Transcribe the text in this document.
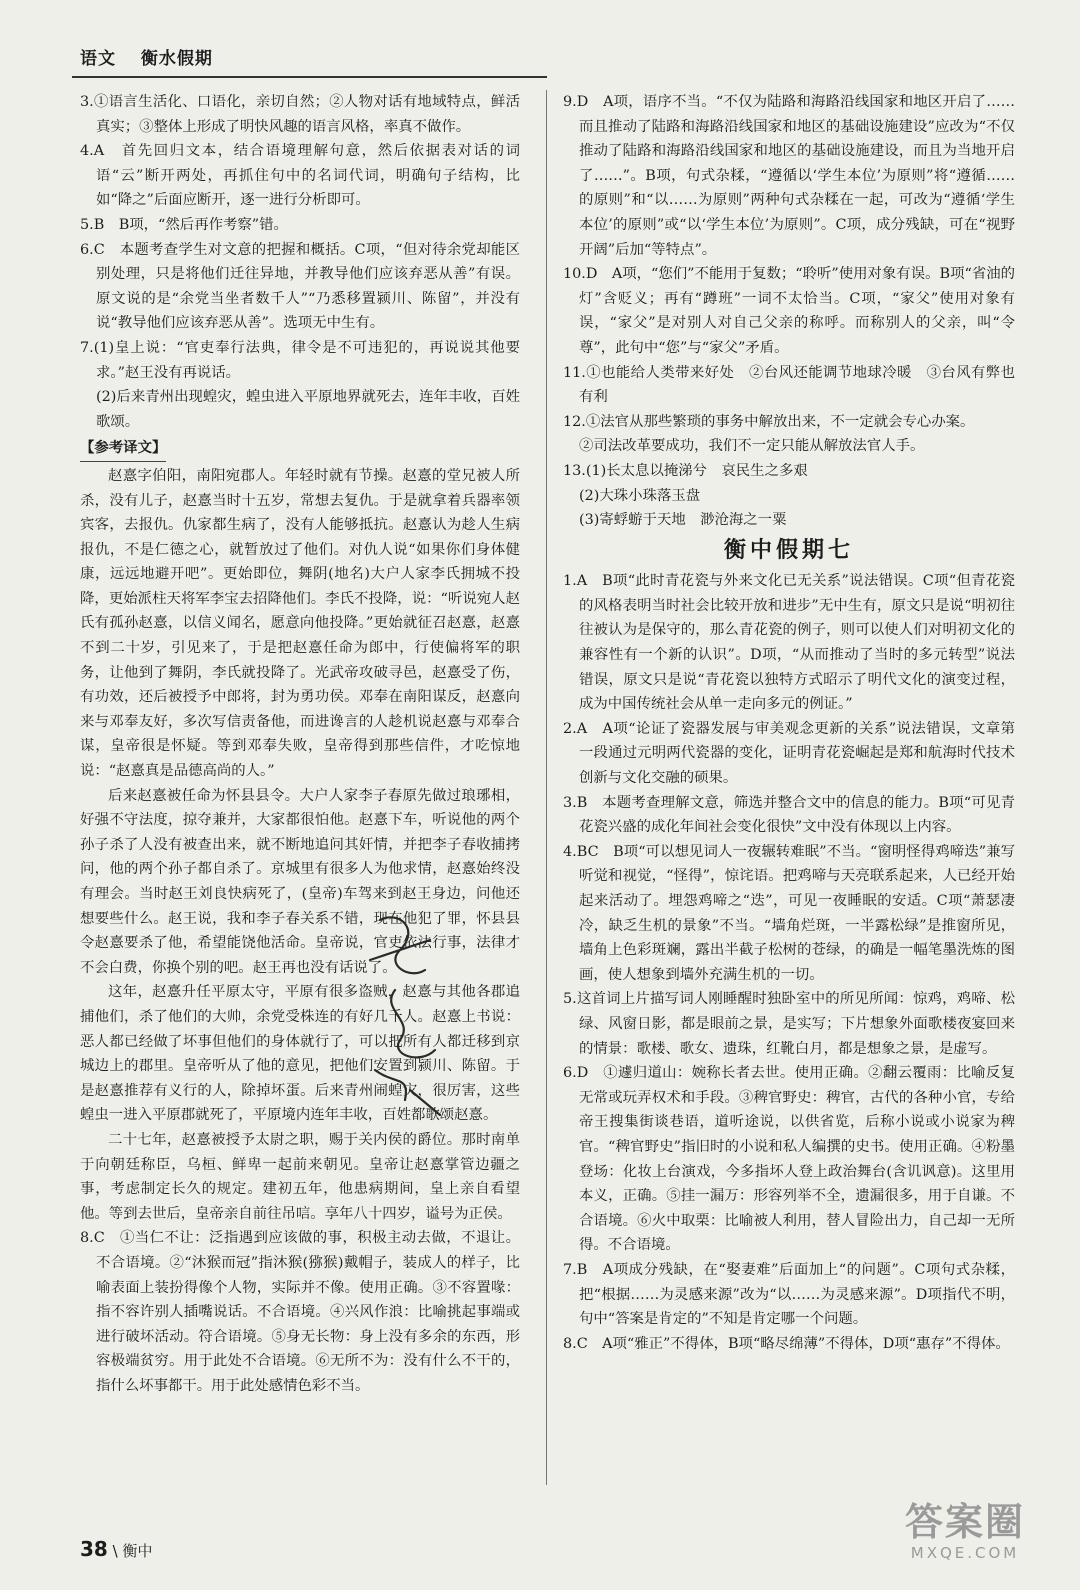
语文 衡水假期

3.①语言生活化、口语化，亲切自然；②人物对话有地域特点，鲜活真实；③整体上形成了明快风趣的语言风格，率真不做作。

4.A　首先回归文本，结合语境理解句意，然后依据表对话的词语“云”断开两处，再抓住句中的名词代词，明确句子结构，比如“降之”后面应断开，逐一进行分析即可。

5.B　B项，“然后再作考察”错。

6.C　本题考查学生对文意的把握和概括。C项，“但对待余党却能区别处理，只是将他们迁往异地，并教导他们应该弃恶从善”有误。原文说的是“余党当坐者数千人”“乃悉移置颍川、陈留”，并没有说“教导他们应该弃恶从善”。选项无中生有。

7.(1)皇上说：“官吏奉行法典，律令是不可违犯的，再说说其他要求。”赵王没有再说话。

(2)后来青州出现蝗灾，蝗虫进入平原地界就死去，连年丰收，百姓歌颂。

【参考译文】

赵憙字伯阳，南阳宛郡人。年轻时就有节操。赵憙的堂兄被人所杀，没有儿子，赵憙当时十五岁，常想去复仇。于是就拿着兵器率领宾客，去报仇。仇家都生病了，没有人能够抵抗。赵憙认为趁人生病报仇，不是仁德之心，就暂放过了他们。对仇人说“如果你们身体健康，远远地避开吧”。更始即位，舞阴(地名)大户人家李氏拥城不投降，更始派柱天将军李宝去招降他们。李氏不投降，说：“听说宛人赵氏有孤孙赵憙，以信义闻名，愿意向他投降。”更始就征召赵憙，赵憙不到二十岁，引见来了，于是把赵憙任命为郎中，行使偏将军的职务，让他到了舞阴，李氏就投降了。光武帝攻破寻邑，赵憙受了伤，有功效，还后被授予中郎将，封为勇功侯。邓奉在南阳谋反，赵憙向来与邓奉友好，多次写信责备他，而进谗言的人趁机说赵憙与邓奉合谋，皇帝很是怀疑。等到邓奉失败，皇帝得到那些信件，才吃惊地说：“赵憙真是品德高尚的人。”

后来赵憙被任命为怀县县令。大户人家李子春原先做过琅琊相，好强不守法度，掠夺兼并，大家都很怕他。赵憙下车，听说他的两个孙子杀了人没有被查出来，就不断地追问其奸情，并把李子春收捕拷问，他的两个孙子都自杀了。京城里有很多人为他求情，赵憙始终没有理会。当时赵王刘良快病死了，(皇帝)车驾来到赵王身边，问他还想要些什么。赵王说，我和李子春关系不错，现在他犯了罪，怀县县令赵憙要杀了他，希望能饶他活命。皇帝说，官吏依法行事，法律才不会白费，你换个别的吧。赵王再也没有话说了。

这年，赵憙升任平原太守，平原有很多盗贼，赵憙与其他各郡追捕他们，杀了他们的大帅，余党受株连的有好几千人。赵憙上书说：恶人都已经做了坏事但他们的身体就行了，可以把所有人都迁移到京城边上的郡里。皇帝听从了他的意见，把他们安置到颍川、陈留。于是赵憙推荐有义行的人，除掉坏蛋。后来青州闹蝗灾，很厉害，这些蝗虫一进入平原郡就死了，平原境内连年丰收，百姓都歌颂赵憙。

二十七年，赵憙被授予太尉之职，赐于关内侯的爵位。那时南单于向朝廷称臣，乌桓、鲜卑一起前来朝见。皇帝让赵憙掌管边疆之事，考虑制定长久的规定。建初五年，他患病期间，皇上亲自看望他。等到去世后，皇帝亲自前往吊唁。享年八十四岁，谥号为正侯。

8.C　①当仁不让：泛指遇到应该做的事，积极主动去做，不退让。不合语境。②“沐猴而冠”指沐猴(猕猴)戴帽子，装成人的样子，比喻表面上装扮得像个人物，实际并不像。使用正确。③不容置喙：指不容许别人插嘴说话。不合语境。④兴风作浪：比喻挑起事端或进行破坏活动。符合语境。⑤身无长物：身上没有多余的东西，形容极端贫穷。用于此处不合语境。⑥无所不为：没有什么不干的，指什么坏事都干。用于此处感情色彩不当。

9.D　A项，语序不当。“不仅为陆路和海路沿线国家和地区开启了……而且推动了陆路和海路沿线国家和地区的基础设施建设”应改为“不仅推动了陆路和海路沿线国家和地区的基础设施建设，而且为当地开启了……”。B项，句式杂糅，“遵循以‘学生本位’为原则”将“遵循……的原则”和“以……为原则”两种句式杂糅在一起，可改为“遵循‘学生本位’的原则”或“以‘学生本位’为原则”。C项，成分残缺，可在“视野开阔”后加“等特点”。

10.D　A项，“您们”不能用于复数；“聆听”使用对象有误。B项“省油的灯”含贬义；再有“蹲班”一词不太恰当。C项，“家父”使用对象有误，“家父”是对别人对自己父亲的称呼。而称别人的父亲，叫“令尊”，此句中“您”与“家父”矛盾。

11.①也能给人类带来好处　②台风还能调节地球冷暖　③台风有弊也有利

12.①法官从那些繁琐的事务中解放出来，不一定就会专心办案。

②司法改革要成功，我们不一定只能从解放法官人手。

13.(1)长太息以掩涕兮　哀民生之多艰

(2)大珠小珠落玉盘

(3)寄蜉蝣于天地　渺沧海之一粟

衡中假期七

1.A　B项“此时青花瓷与外来文化已无关系”说法错误。C项“但青花瓷的风格表明当时社会比较开放和进步”无中生有，原文只是说“明初往往被认为是保守的，那么青花瓷的例子，则可以使人们对明初文化的兼容性有一个新的认识”。D项，“从而推动了当时的多元转型”说法错误，原文只是说“青花瓷以独特方式昭示了明代文化的演变过程，成为中国传统社会从单一走向多元的例证。”

2.A　A项“论证了瓷器发展与审美观念更新的关系”说法错误，文章第一段通过元明两代瓷器的变化，证明青花瓷崛起是郑和航海时代技术创新与文化交融的硕果。

3.B　本题考查理解文意，筛选并整合文中的信息的能力。B项“可见青花瓷兴盛的成化年间社会变化很快”文中没有体现以上内容。

4.BC　B项“可以想见词人一夜辗转难眠”不当。“窗明怪得鸡啼迭”兼写听觉和视觉，“怪得”，惊诧语。把鸡啼与天亮联系起来，人已经开始起来活动了。埋怨鸡啼之“迭”，可见一夜睡眠的安适。C项“萧瑟凄冷，缺乏生机的景象”不当。“墙角烂斑，一半露松绿”是推窗所见，墙角上色彩斑斓，露出半截子松树的苍绿，的确是一幅笔墨洗炼的图画，使人想象到墙外充满生机的一切。

5.这首词上片描写词人刚睡醒时独卧室中的所见所闻：惊鸡，鸡啼、松绿、风窗日影，都是眼前之景，是实写；下片想象外面歌楼夜宴回来的情景：歌楼、歌女、遗珠，红靴白月，都是想象之景，是虚写。

6.D　①遽归道山：婉称长者去世。使用正确。②翻云覆雨：比喻反复无常或玩弄权术和手段。③稗官野史：稗官，古代的各种小官，专给帝王搜集街谈巷语，道听途说，以供省览，后称小说或小说家为稗官。“稗官野史”指旧时的小说和私人编撰的史书。使用正确。④粉墨登场：化妆上台演戏，今多指坏人登上政治舞台(含讥讽意)。这里用本义，正确。⑤挂一漏万：形容列举不全，遗漏很多，用于自谦。不合语境。⑥火中取栗：比喻被人利用，替人冒险出力，自己却一无所得。不合语境。

7.B　A项成分残缺，在“娶妻难”后面加上“的问题”。C项句式杂糅，把“根据……为灵感来源”改为“以……为灵感来源”。D项指代不明，句中“答案是肯定的”不知是肯定哪一个问题。

8.C　A项“雅正”不得体，B项“略尽绵薄”不得体，D项“惠存”不得体。

38 \ 衡中
答案圈
MXQE.COM
